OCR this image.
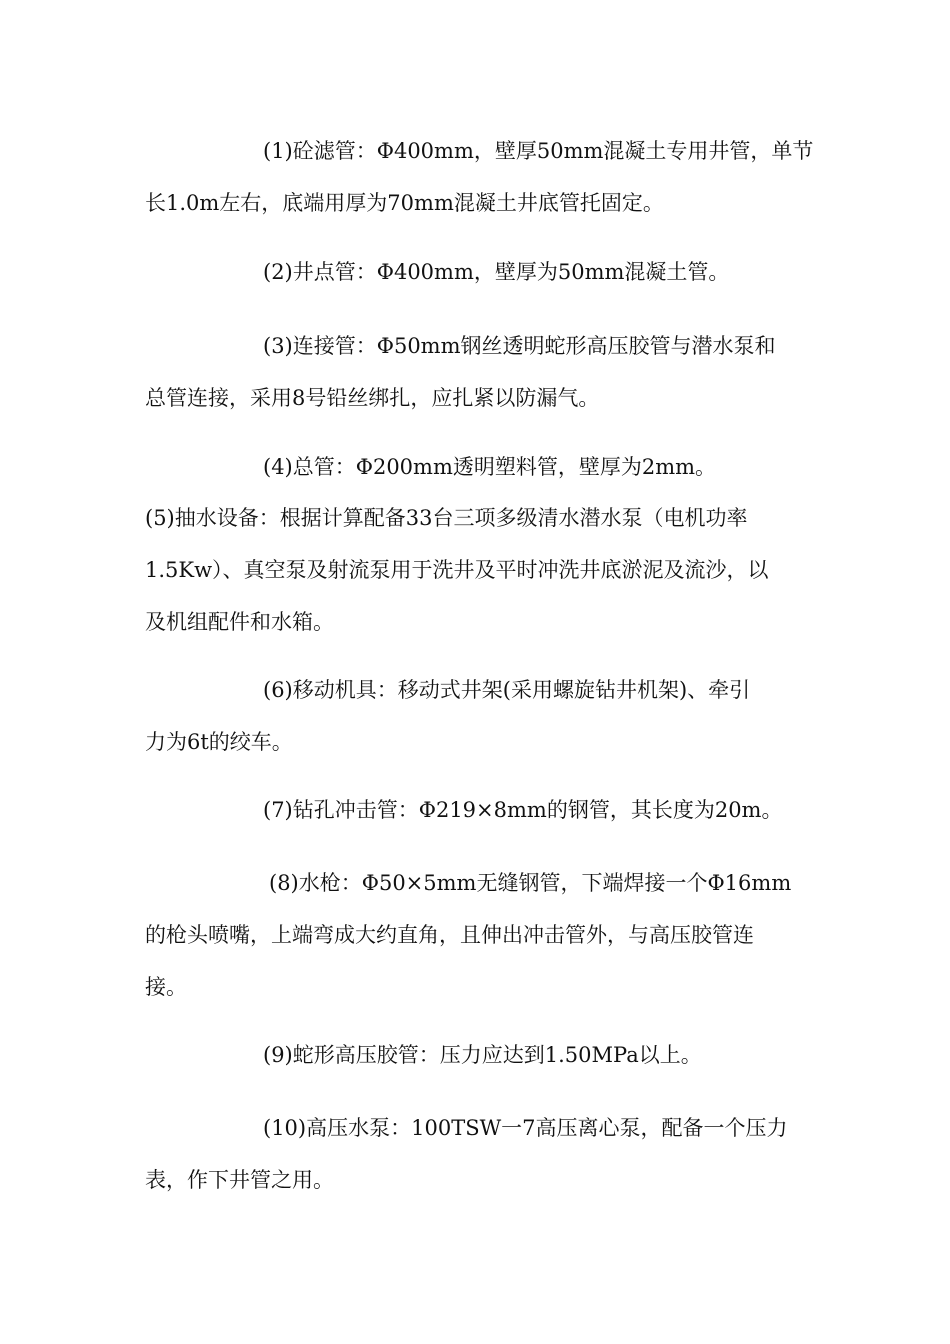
(1)砼滤管：Φ400mm，壁厚50mm混凝土专用井管，单节
长1.0m左右，底端用厚为70mm混凝土井底管托固定。

(2)井点管：Φ400mm，壁厚为50mm混凝土管。

(3)连接管：Φ50mm钢丝透明蛇形高压胶管与潜水泵和
总管连接，采用8号铅丝绑扎，应扎紧以防漏气。

(4)总管：Φ200mm透明塑料管，壁厚为2mm。

(5)抽水设备：根据计算配备33台三项多级清水潜水泵（电机功率
1.5Kw）、真空泵及射流泵用于洗井及平时冲洗井底淤泥及流沙，以
及机组配件和水箱。

(6)移动机具：移动式井架(采用螺旋钻井机架)、牵引
力为6t的绞车。

(7)钻孔冲击管：Φ219×8mm的钢管，其长度为20m。

(8)水枪：Φ50×5mm无缝钢管，下端焊接一个Φ16mm
的枪头喷嘴，上端弯成大约直角，且伸出冲击管外，与高压胶管连
接。

(9)蛇形高压胶管：压力应达到1.50MPa以上。

(10)高压水泵：100TSW一7高压离心泵，配备一个压力
表，作下井管之用。
